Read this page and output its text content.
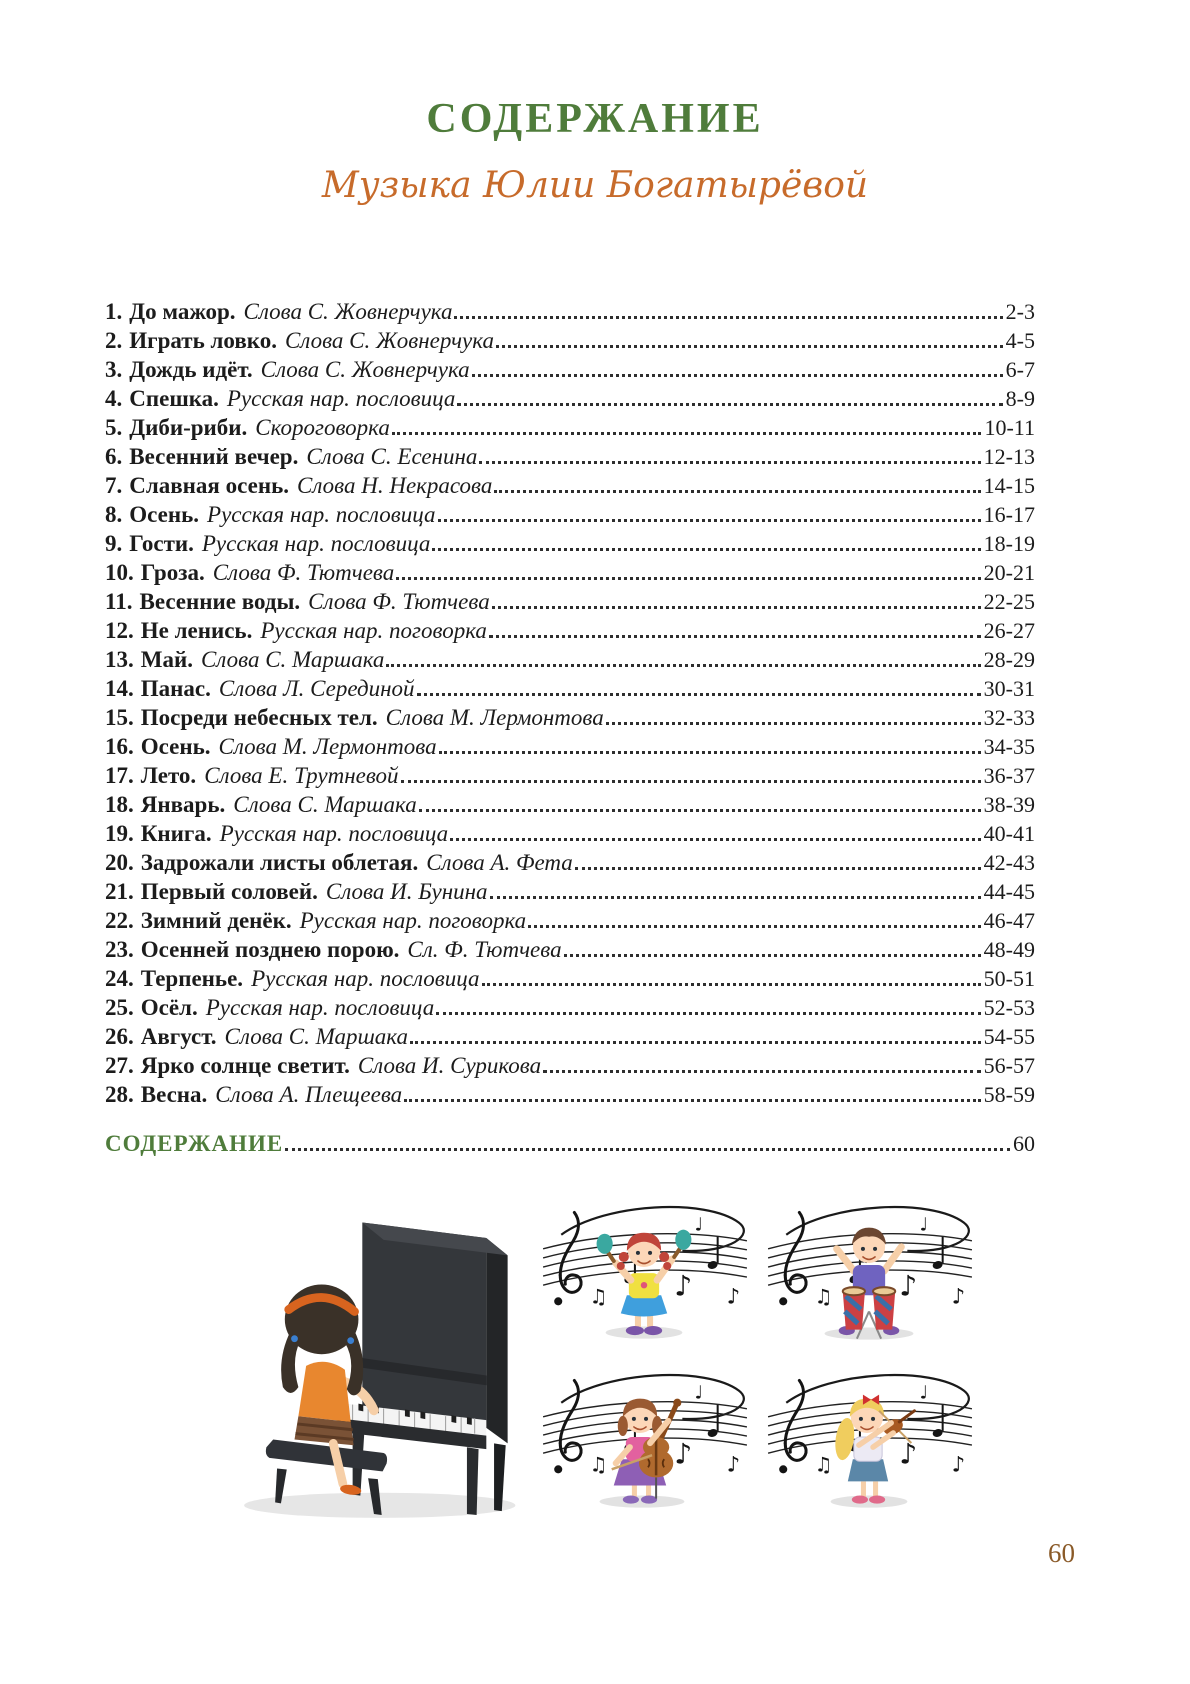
СОДЕРЖАНИЕ
Музыка Юлии Богатырёвой
1. До мажор. Слова С. Жовнерчука	2-3
2. Играть ловко. Слова С. Жовнерчука	4-5
3. Дождь идёт. Слова С. Жовнерчука	6-7
4. Спешка. Русская нар. пословица	8-9
5. Диби-риби. Скороговорка	10-11
6. Весенний вечер. Слова С. Есенина	12-13
7. Славная осень. Слова Н. Некрасова	14-15
8. Осень. Русская нар. пословица	16-17
9. Гости. Русская нар. пословица	18-19
10. Гроза. Слова Ф. Тютчева	20-21
11. Весенние воды. Слова Ф. Тютчева	22-25
12. Не ленись. Русская нар. поговорка	26-27
13. Май. Слова С. Маршака	28-29
14. Панас. Слова Л. Серединой	30-31
15. Посреди небесных тел. Слова М. Лермонтова	32-33
16. Осень. Слова М. Лермонтова	34-35
17. Лето. Слова Е. Трутневой	36-37
18. Январь. Слова С. Маршака	38-39
19. Книга. Русская нар. пословица	40-41
20. Задрожали листы облетая. Слова А. Фета	42-43
21. Первый соловей. Слова И. Бунина	44-45
22. Зимний денёк. Русская нар. поговорка	46-47
23. Осенней позднею порою. Сл. Ф. Тютчева	48-49
24. Терпенье. Русская нар. пословица	50-51
25. Осёл. Русская нар. пословица	52-53
26. Август. Слова С. Маршака	54-55
27. Ярко солнце светит. Слова И. Сурикова	56-57
28. Весна. Слова А. Плещеева	58-59
СОДЕРЖАНИЕ	60
60
